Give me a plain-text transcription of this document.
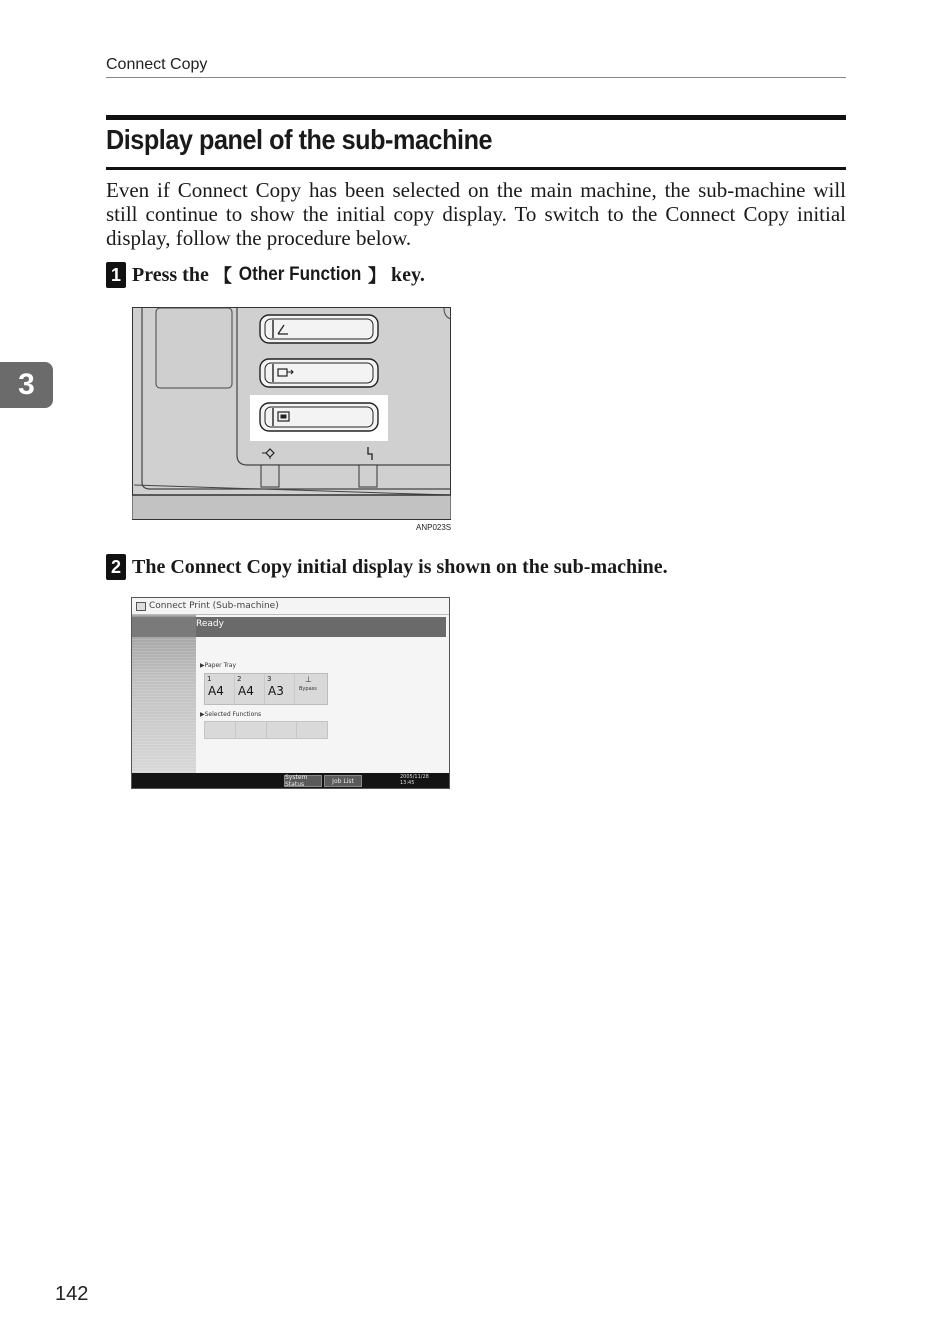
Connect Copy
Display panel of the sub-machine

Even if Connect Copy has been selected on the main machine, the sub-machine will still continue to show the initial copy display. To switch to the Connect Copy initial display, follow the procedure below.

3
1 Press the 【 Other Function 】 key.
ANP023S
2 The Connect Copy initial display is shown on the sub-machine.
Connect Print (Sub-machine)
Ready
▶Paper Tray
1
A4
2
A4
3
A3
⊥
Bypass
▶Selected Functions
System Status	Job List
2005/11/28
13:45
142
